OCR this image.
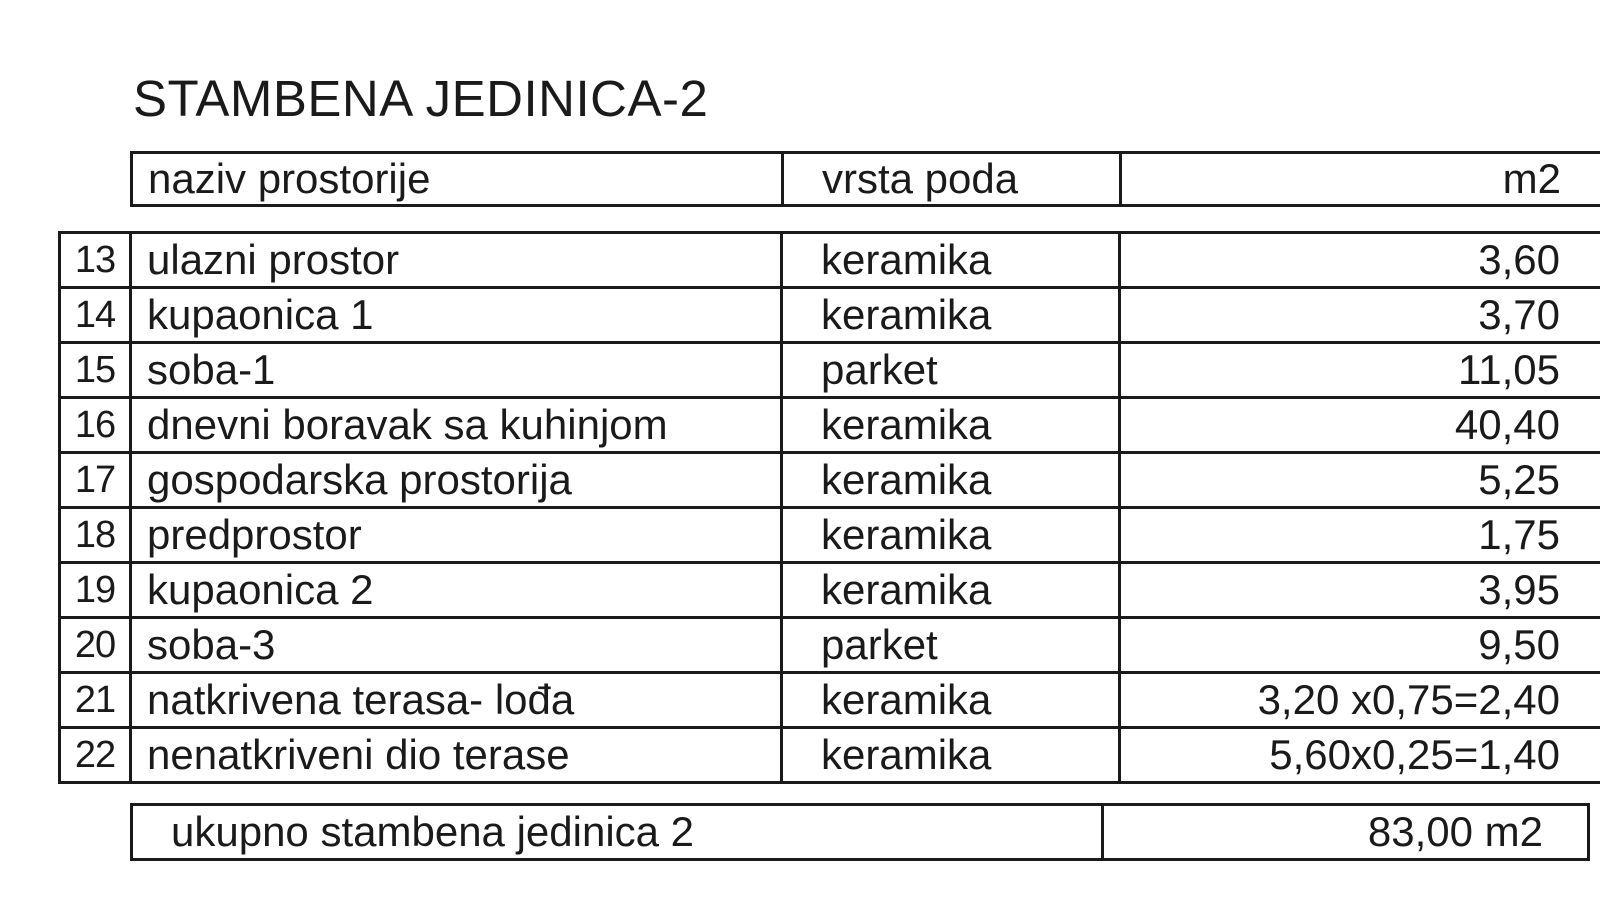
STAMBENA JEDINICA-2
naziv prostorije	vrsta poda	m2
13	ulazni prostor	keramika	3,60
14	kupaonica 1	keramika	3,70
15	soba-1	parket	11,05
16	dnevni boravak sa kuhinjom	keramika	40,40
17	gospodarska prostorija	keramika	5,25
18	predprostor	keramika	1,75
19	kupaonica 2	keramika	3,95
20	soba-3	parket	9,50
21	natkrivena terasa- lođa	keramika	3,20 x0,75=2,40
22	nenatkriveni dio terase	keramika	5,60x0,25=1,40
ukupno stambena jedinica 2	83,00 m2
